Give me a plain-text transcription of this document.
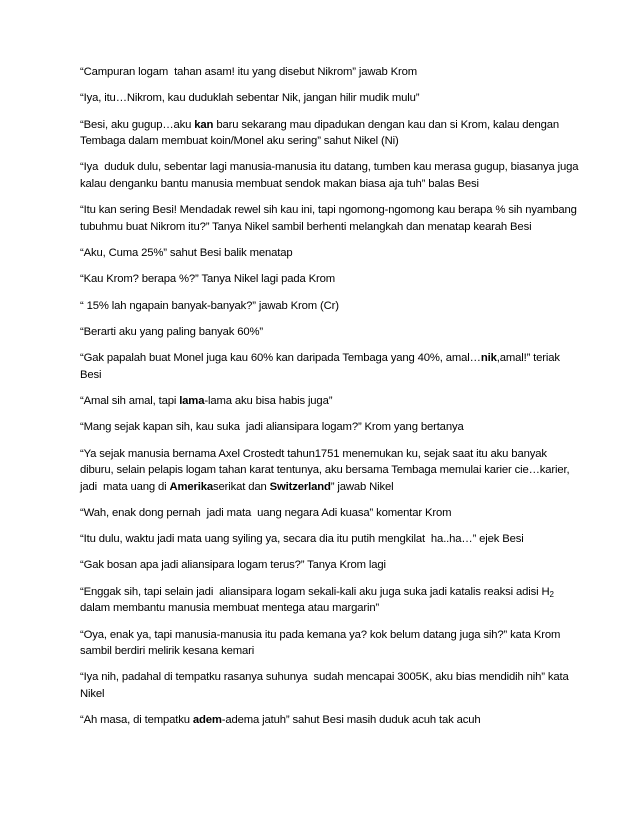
“Campuran logam  tahan asam! itu yang disebut Nikrom” jawab Krom

“Iya, itu…Nikrom, kau duduklah sebentar Nik, jangan hilir mudik mulu”

“Besi, aku gugup…aku kan baru sekarang mau dipadukan dengan kau dan si Krom, kalau dengan Tembaga dalam membuat koin/Monel aku sering” sahut Nikel (Ni)

“Iya  duduk dulu, sebentar lagi manusia-manusia itu datang, tumben kau merasa gugup, biasanya juga kalau denganku bantu manusia membuat sendok makan biasa aja tuh” balas Besi

“Itu kan sering Besi! Mendadak rewel sih kau ini, tapi ngomong-ngomong kau berapa % sih nyambang tubuhmu buat Nikrom itu?” Tanya Nikel sambil berhenti melangkah dan menatap kearah Besi

“Aku, Cuma 25%” sahut Besi balik menatap

“Kau Krom? berapa %?” Tanya Nikel lagi pada Krom

“ 15% lah ngapain banyak-banyak?” jawab Krom (Cr)

“Berarti aku yang paling banyak 60%”

“Gak papalah buat Monel juga kau 60% kan daripada Tembaga yang 40%, amal…nik,amal!” teriak Besi

“Amal sih amal, tapi lama-lama aku bisa habis juga”

“Mang sejak kapan sih, kau suka  jadi aliansipara logam?” Krom yang bertanya

“Ya sejak manusia bernama Axel Crostedt tahun1751 menemukan ku, sejak saat itu aku banyak diburu, selain pelapis logam tahan karat tentunya, aku bersama Tembaga memulai karier cie…karier, jadi  mata uang di Amerikaserikat dan Switzerland” jawab Nikel

“Wah, enak dong pernah  jadi mata  uang negara Adi kuasa” komentar Krom

“Itu dulu, waktu jadi mata uang syiling ya, secara dia itu putih mengkilat  ha..ha…” ejek Besi

“Gak bosan apa jadi aliansipara logam terus?” Tanya Krom lagi

“Enggak sih, tapi selain jadi  aliansipara logam sekali-kali aku juga suka jadi katalis reaksi adisi $H_2$ dalam membantu manusia membuat mentega atau margarin”

“Oya, enak ya, tapi manusia-manusia itu pada kemana ya? kok belum datang juga sih?” kata Krom sambil berdiri melirik kesana kemari

“Iya nih, padahal di tempatku rasanya suhunya  sudah mencapai 3005K, aku bias mendidih nih” kata Nikel

“Ah masa, di tempatku adem-adema jatuh” sahut Besi masih duduk acuh tak acuh
